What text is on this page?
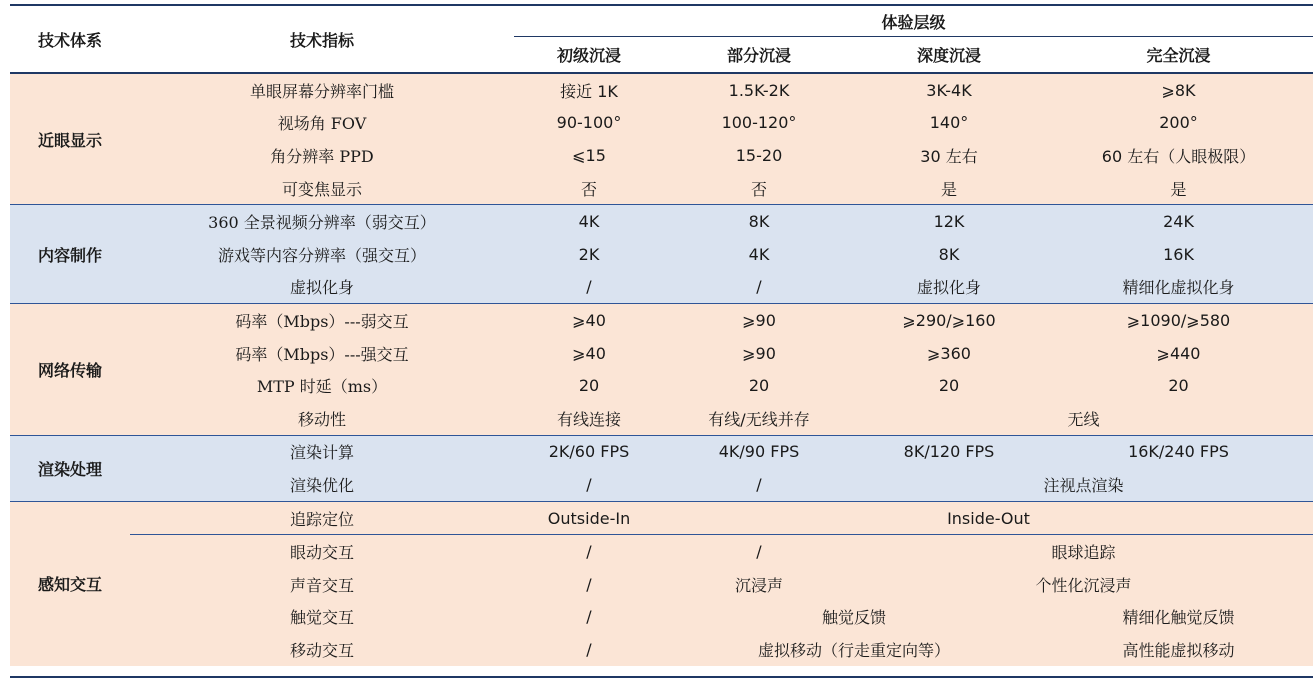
技术体系	技术指标	体验层级			
		初级沉浸	部分沉浸	深度沉浸	完全沉浸
近眼显示	单眼屏幕分辨率门槛	接近 1K	1.5K-2K	3K-4K	⩾8K
	视场角 FOV	90-100°	100-120°	140°	200°
	角分辨率 PPD	⩽15	15-20	30 左右	60 左右（人眼极限）
	可变焦显示	否	否	是	是
内容制作	360 全景视频分辨率（弱交互）	4K	8K	12K	24K
	游戏等内容分辨率（强交互）	2K	4K	8K	16K
	虚拟化身	/	/	虚拟化身	精细化虚拟化身
网络传输	码率（Mbps）---弱交互	⩾40	⩾90	⩾290/⩾160	⩾1090/⩾580
	码率（Mbps）---强交互	⩾40	⩾90	⩾360	⩾440
	MTP 时延（ms）	20	20	20	20
	移动性	有线连接	有线/无线并存	无线	
渲染处理	渲染计算	2K/60 FPS	4K/90 FPS	8K/120 FPS	16K/240 FPS
	渲染优化	/	/	注视点渲染	
感知交互	追踪定位	Outside-In	Inside-Out		
	眼动交互	/	/	眼球追踪	
	声音交互	/	沉浸声	个性化沉浸声	
	触觉交互	/	触觉反馈		精细化触觉反馈
	移动交互	/	虚拟移动（行走重定向等）		高性能虚拟移动
